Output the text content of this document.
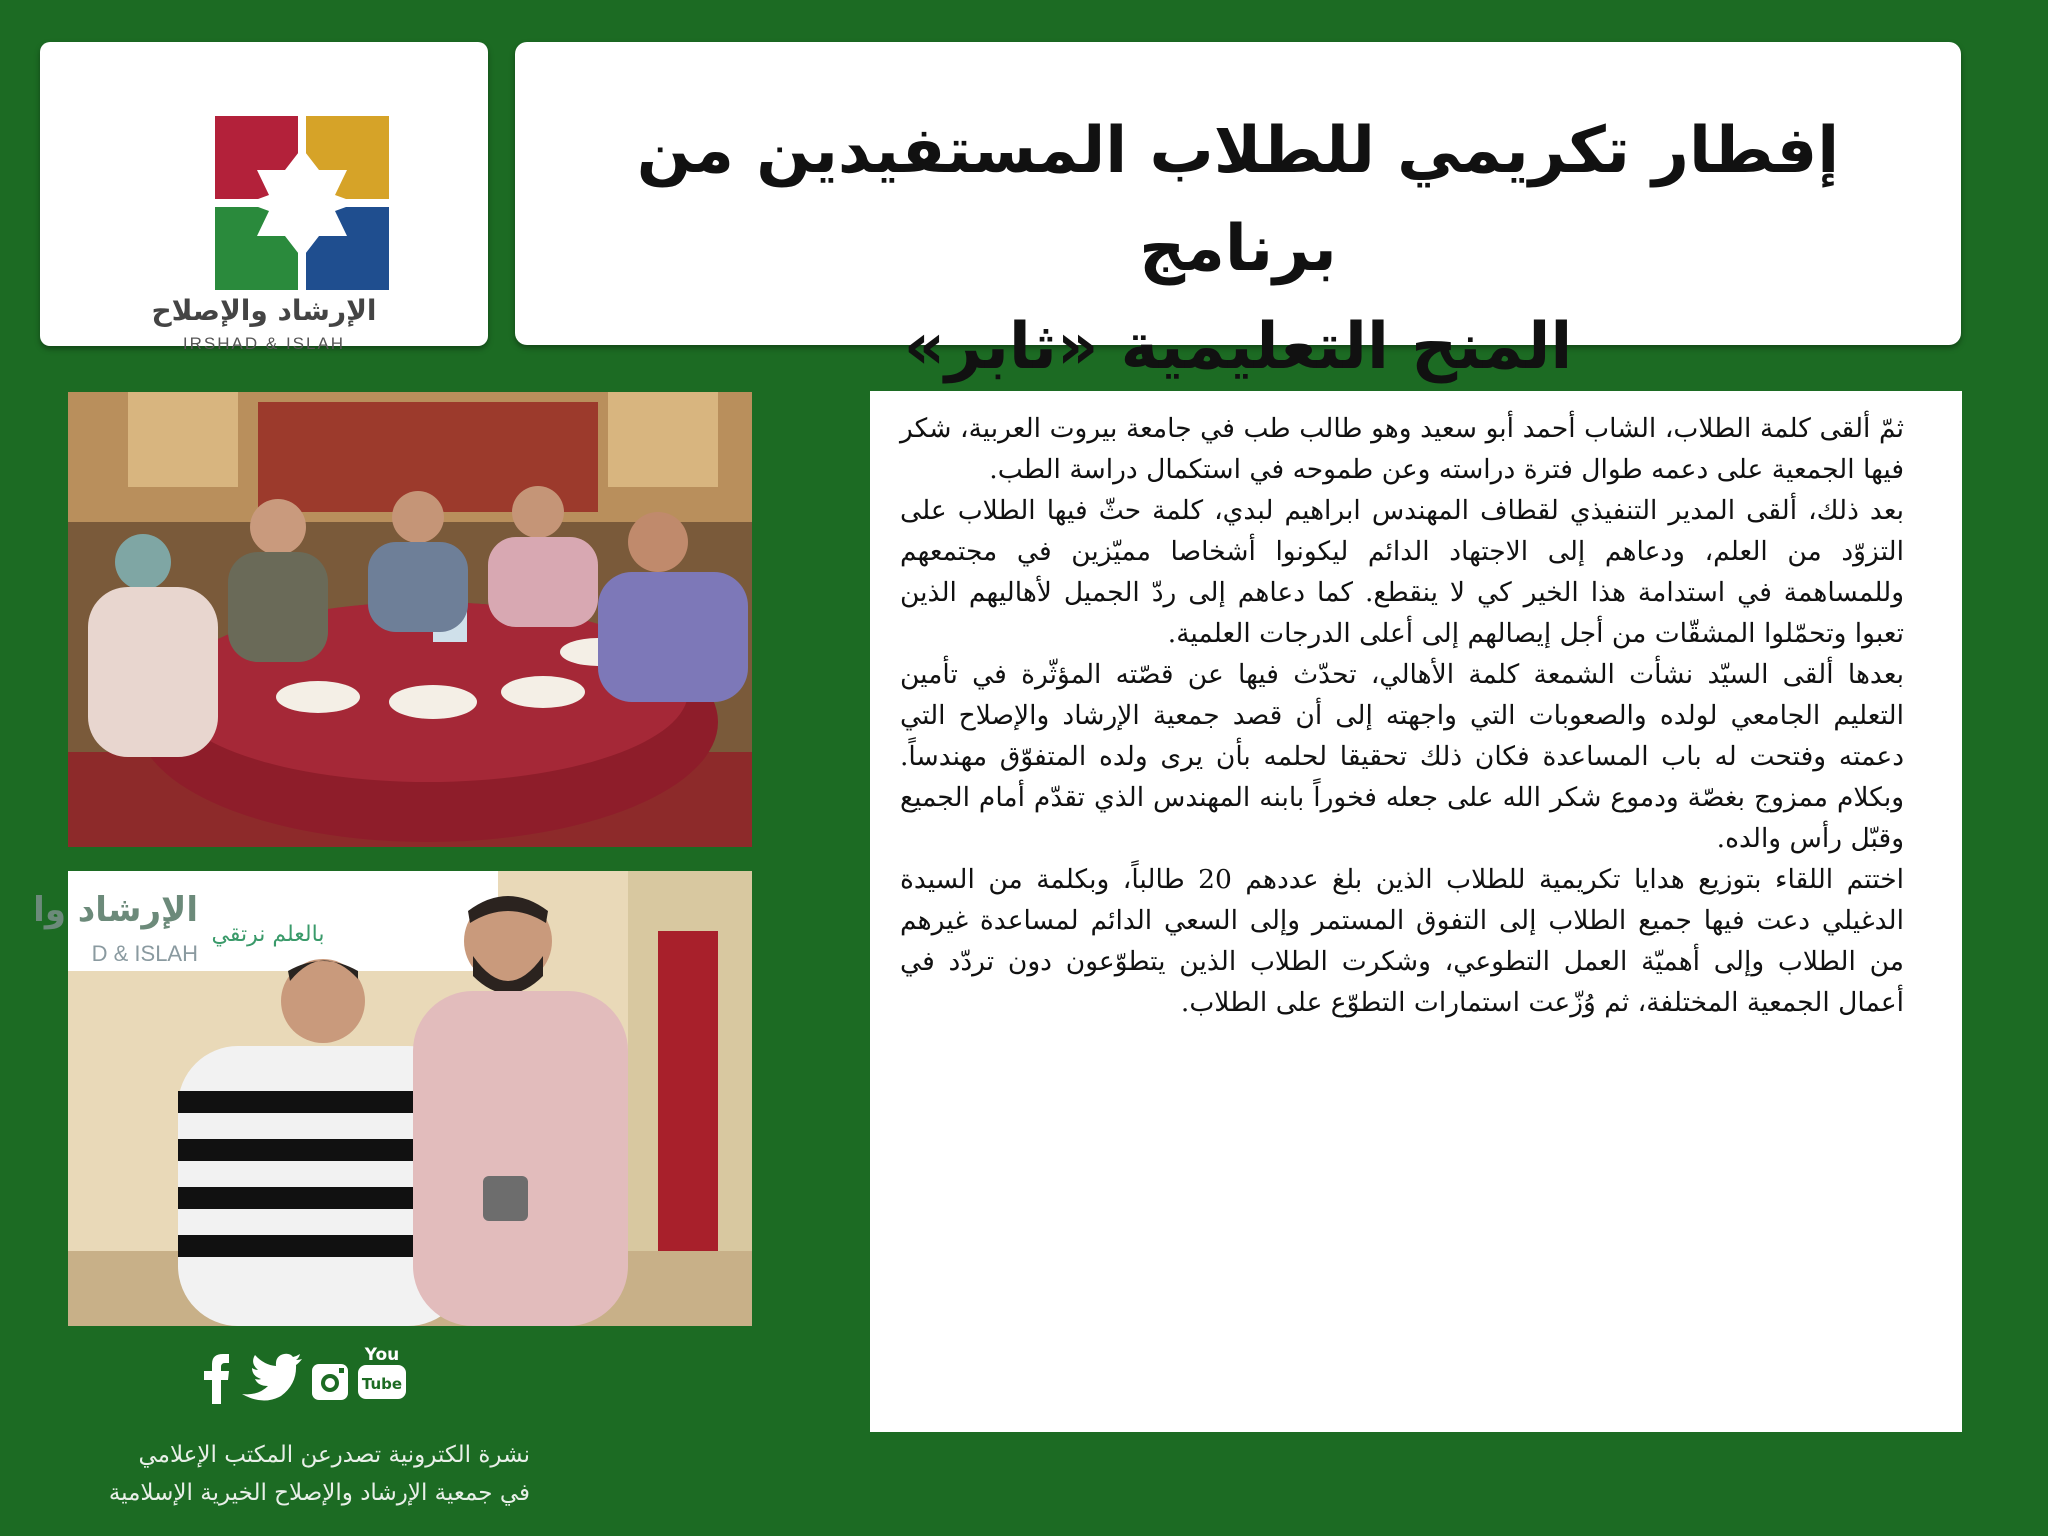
الإرشاد والإصلاح
IRSHAD & ISLAH
إفطار تكريمي للطلاب المستفيدين من برنامج
المنح التعليمية «ثابر»
الإرشاد وا
D & ISLAH
بالعلم نرتقي

ثمّ ألقى كلمة الطلاب، الشاب أحمد أبو سعيد وهو طالب طب في جامعة بيروت العربية، شكر فيها الجمعية على دعمه طوال فترة دراسته وعن طموحه في استكمال دراسة الطب.

بعد ذلك، ألقى المدير التنفيذي لقطاف المهندس ابراهيم لبدي، كلمة حثّ فيها الطلاب على التزوّد من العلم، ودعاهم إلى الاجتهاد الدائم ليكونوا أشخاصا مميّزين في مجتمعهم وللمساهمة في استدامة هذا الخير كي لا ينقطع. كما دعاهم إلى ردّ الجميل لأهاليهم الذين تعبوا وتحمّلوا المشقّات من أجل إيصالهم إلى أعلى الدرجات العلمية.

بعدها ألقى السيّد نشأت الشمعة كلمة الأهالي، تحدّث فيها عن قصّته المؤثّرة في تأمين التعليم الجامعي لولده والصعوبات التي واجهته إلى أن قصد جمعية الإرشاد والإصلاح التي دعمته وفتحت له باب المساعدة فكان ذلك تحقيقا لحلمه بأن يرى ولده المتفوّق مهندساً. وبكلام ممزوج بغصّة ودموع شكر الله على جعله فخوراً بابنه المهندس الذي تقدّم أمام الجميع وقبّل رأس والده.

اختتم اللقاء بتوزيع هدايا تكريمية للطلاب الذين بلغ عددهم 20 طالباً، وبكلمة من السيدة الدغيلي دعت فيها جميع الطلاب إلى التفوق المستمر وإلى السعي الدائم لمساعدة غيرهم من الطلاب وإلى أهميّة العمل التطوعي، وشكرت الطلاب الذين يتطوّعون دون تردّد في أعمال الجمعية المختلفة، ثم وُزّعت استمارات التطوّع على الطلاب.

You
Tube
نشرة الكترونية تصدرعن المكتب الإعلامي
في جمعية الإرشاد والإصلاح الخيرية الإسلامية
